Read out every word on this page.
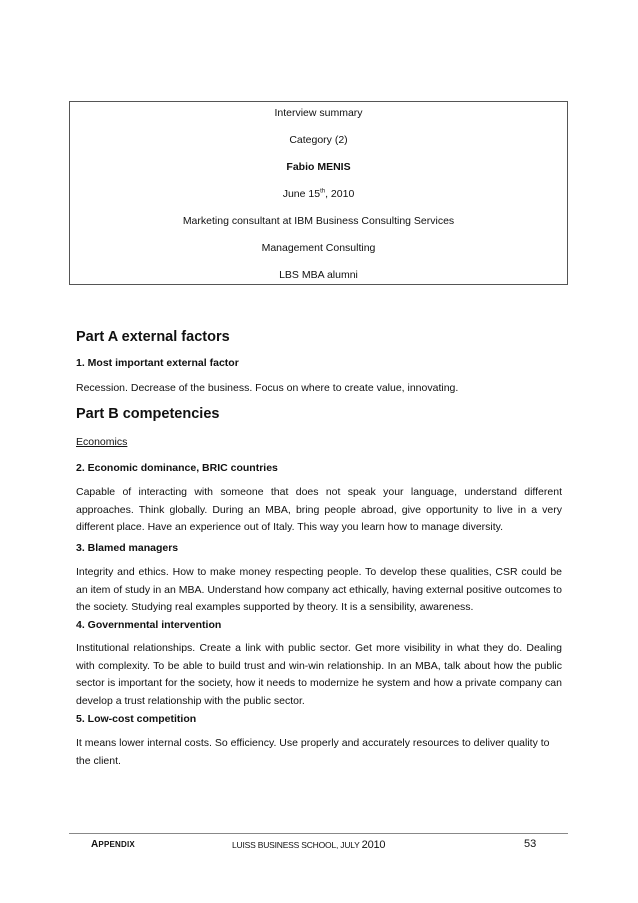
Interview summary
Category (2)
Fabio MENIS
June 15th, 2010
Marketing consultant at IBM Business Consulting Services
Management Consulting
LBS MBA alumni
Part A external factors
1. Most important external factor

Recession. Decrease of the business. Focus on where to create value, innovating.

Part B competencies
Economics
2. Economic dominance, BRIC countries

Capable of interacting with someone that does not speak your language, understand different approaches. Think globally. During an MBA, bring people abroad, give opportunity to live in a very different place. Have an experience out of Italy. This way you learn how to manage diversity.

3. Blamed managers

Integrity and ethics. How to make money respecting people. To develop these qualities, CSR could be an item of study in an MBA. Understand how company act ethically, having external positive outcomes to the society. Studying real examples supported by theory. It is a sensibility, awareness.

4. Governmental intervention

Institutional relationships. Create a link with public sector. Get more visibility in what they do. Dealing with complexity. To be able to build trust and win-win relationship. In an MBA, talk about how the public sector is important for the society, how it needs to modernize he system and how a private company can develop a trust relationship with the public sector.

5. Low-cost competition

It means lower internal costs. So efficiency. Use properly and accurately resources to deliver quality to the client.

APPENDIX	LUISS BUSINESS SCHOOL, JULY 2010	53
